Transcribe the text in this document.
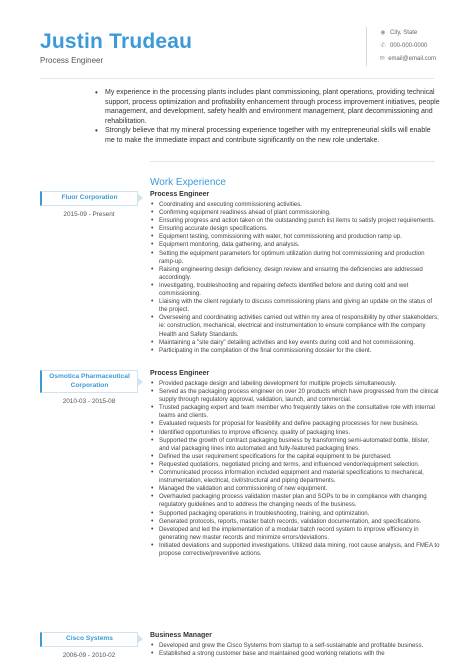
Justin Trudeau
Process Engineer
◉ City, State
✆ 000-000-0000
✉ email@email.com
• My experience in the processing plants includes plant commissioning, plant operations, providing technical support, process optimization and profitability enhancement through process improvement initiatives, people management, and development, safety health and environment management, plant decommissioning and rehabilitation.
• Strongly believe that my mineral processing experience together with my entrepreneurial skills will enable me to make the immediate impact and contribute significantly on the new role undertake.
Work Experience
Fluor Corporation
2015-09 - Present
Process Engineer
• Coordinating and executing commissioning activities.
• Confirming equipment readiness ahead of plant commissioning.
• Ensuring progress and action taken on the outstanding punch list items to satisfy project requirements.
• Ensuring accurate design specifications.
• Equipment testing, commissioning with water, hot commissioning and production ramp up.
• Equipment monitoring, data gathering, and analysis.
• Setting the equipment parameters for optimum utilization during hot commissioning and production ramp-up.
• Raising engineering design deficiency, design review and ensuring the deficiencies are addressed accordingly.
• Investigating, troubleshooting and repairing defects identified before and during cold and wet commissioning.
• Liaising with the client regularly to discuss commissioning plans and giving an update on the status of the project.
• Overseeing and coordinating activities carried out within my area of responsibility by other stakeholders; ie: construction, mechanical, electrical and instrumentation to ensure compliance with the company Health and Safety Standards.
• Maintaining a "site dairy" detailing activities and key events during cold and hot commissioning.
• Participating in the compilation of the final commissioning dossier for the client.
Osmotica Pharmaceutical Corporation
2010-03 - 2015-08
Process Engineer
• Provided package design and labeling development for multiple projects simultaneously.
• Served as the packaging process engineer on over 20 products which have progressed from the clinical supply through regulatory approval, validation, launch, and commercial.
• Trusted packaging expert and team member who frequently takes on the consultative role with internal teams and clients.
• Evaluated requests for proposal for feasibility and define packaging processes for new business.
• Identified opportunities to improve efficiency, quality of packaging lines.
• Supported the growth of contract packaging business by transforming semi-automated bottle, blister, and vial packaging lines into automated and fully-featured packaging lines.
• Defined the user requirement specifications for the capital equipment to be purchased.
• Requested quotations, negotiated pricing and terms, and influenced vendor/equipment selection.
• Communicated process information included equipment and material specifications to mechanical, instrumentation, electrical, civil/structural and piping departments.
• Managed the validation and commissioning of new equipment.
• Overhauled packaging process validation master plan and SOPs to be in compliance with changing regulatory guidelines and to address the changing needs of the business.
• Supported packaging operations in troubleshooting, training, and optimization.
• Generated protocols, reports, master batch records, validation documentation, and specifications.
• Developed and led the implementation of a modular batch record system to improve efficiency in generating new master records and minimize errors/deviations.
• Initiated deviations and supported investigations. Utilized data mining, root cause analysis, and FMEA to propose corrective/preventive actions.
Cisco Systems
2006-09 - 2010-02
Business Manager
• Developed and grew the Cisco Systems from startup to a self-sustainable and profitable business.
• Established a strong customer base and maintained good working relations with the
